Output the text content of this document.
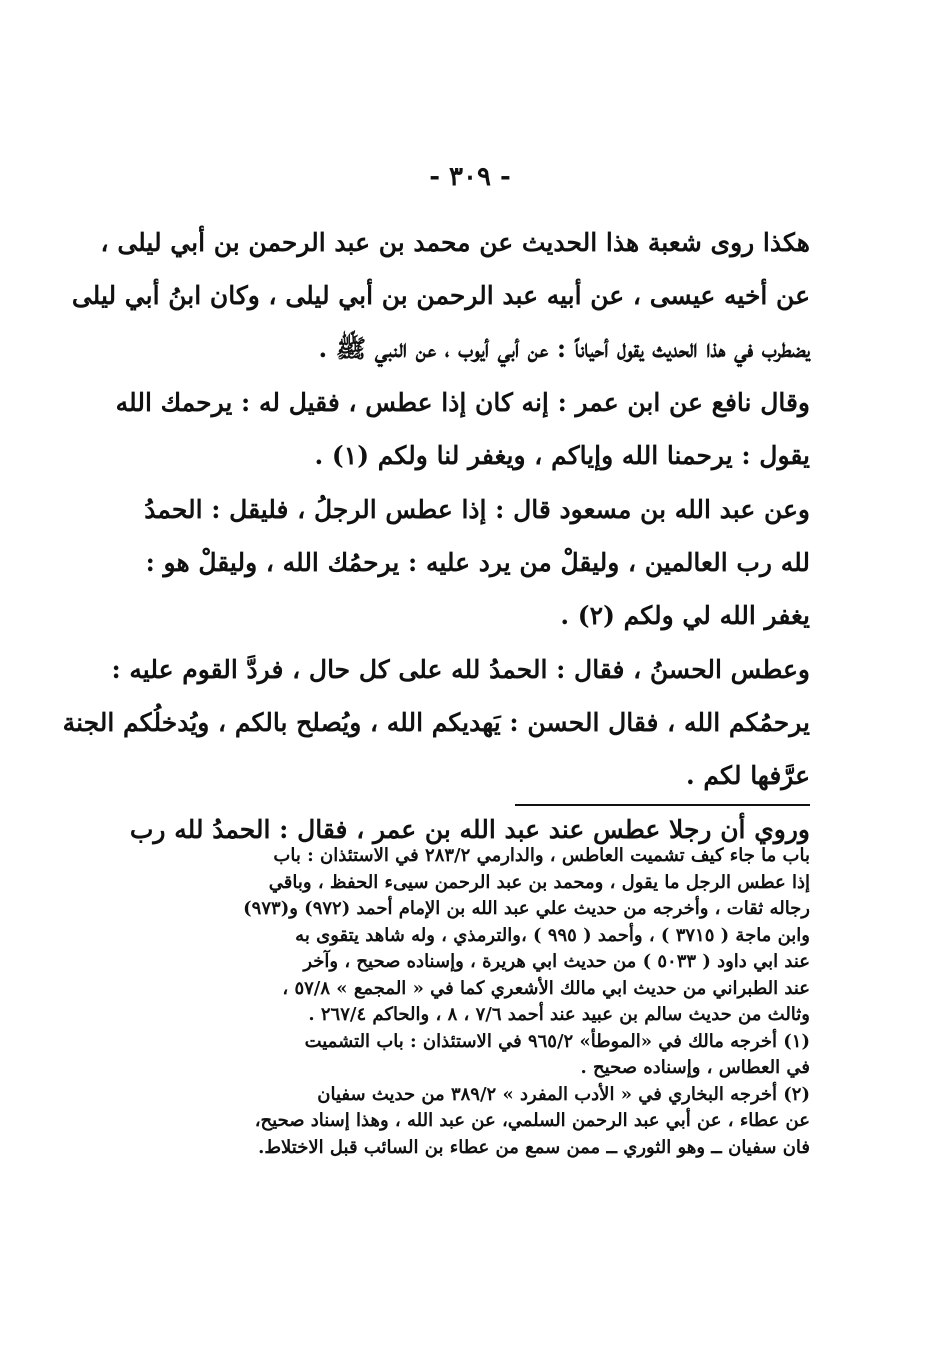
- ٣٠٩ -
هكذا روى شعبة هذا الحديث عن محمد بن عبد الرحمن بن أبي ليلى ،
عن أخيه عيسى ، عن أبيه عبد الرحمن بن أبي ليلى ، وكان ابنُ أبي ليلى
يضطرب في هذا الحديث يقول أحياناً : عن أبي أيوب ، عن النبي ﷺ .
وقال نافع عن ابن عمر : إنه كان إذا عطس ، فقيل له : يرحمك الله
يقول : يرحمنا الله وإياكم ، ويغفر لنا ولكم (١) .
وعن عبد الله بن مسعود قال : إذا عطس الرجلُ ، فليقل : الحمدُ
لله رب العالمين ، وليقلْ من يرد عليه : يرحمُك الله ، وليقلْ هو :
يغفر الله لي ولكم (٢) .
وعطس الحسنُ ، فقال : الحمدُ لله على كل حال ، فردَّ القوم عليه :
يرحمُكم الله ، فقال الحسن : يَهديكم الله ، ويُصلح بالكم ، ويُدخلُكم الجنة
عرَّفها لكم .
وروي أن رجلا عطس عند عبد الله بن عمر ، فقال : الحمدُ لله رب
باب ما جاء كيف تشميت العاطس ، والدارمي ٢٨٣/٢ في الاستئذان : باب
إذا عطس الرجل ما يقول ، ومحمد بن عبد الرحمن سيىء الحفظ ، وباقي
رجاله ثقات ، وأخرجه من حديث علي عبد الله بن الإمام أحمد (٩٧٢) و(٩٧٣)
وابن ماجة ( ٣٧١٥ ) ، وأحمد ( ٩٩٥ ) ،والترمذي ، وله شاهد يتقوى به
عند ابي داود ( ٥٠٣٣ ) من حديث ابي هريرة ، وإسناده صحيح ، وآخر
عند الطبراني من حديث ابي مالك الأشعري كما في « المجمع » ٥٧/٨ ،
وثالث من حديث سالم بن عبيد عند أحمد ٧/٦ ، ٨ ، والحاكم ٢٦٧/٤ .
(١) أخرجه مالك في «الموطأ» ٩٦٥/٢ في الاستئذان : باب التشميت
في العطاس ، وإسناده صحيح .
(٢) أخرجه البخاري في « الأدب المفرد » ٣٨٩/٢ من حديث سفيان
عن عطاء ، عن أبي عبد الرحمن السلمي، عن عبد الله ، وهذا إسناد صحيح،
فان سفيان ــ وهو الثوري ــ ممن سمع من عطاء بن السائب قبل الاختلاط.
